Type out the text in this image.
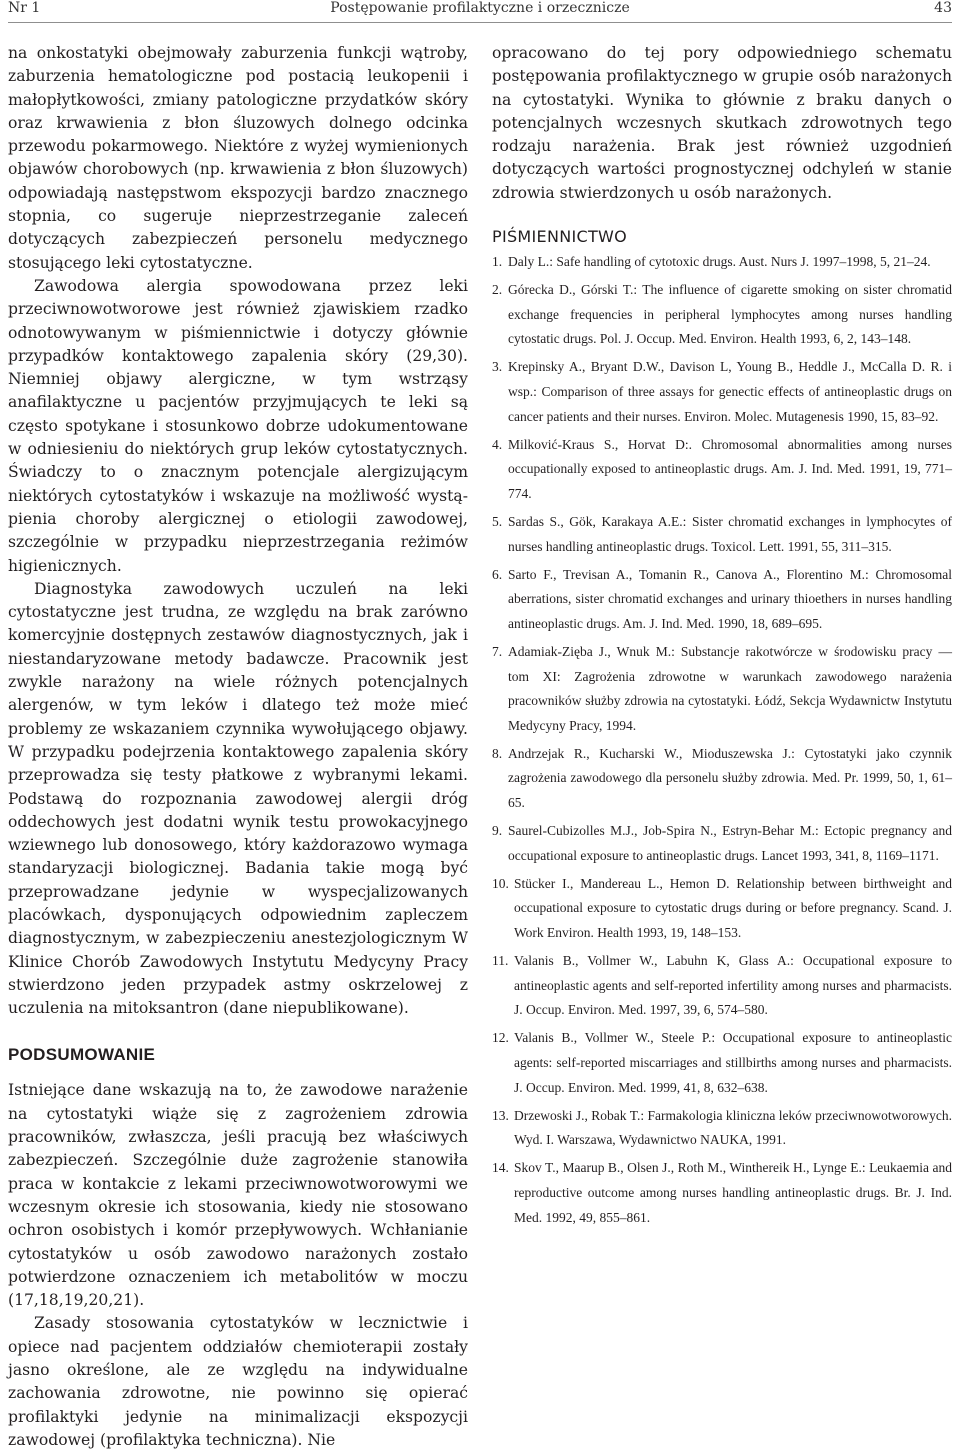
Nr 1	Postępowanie profilaktyczne i orzecznicze	43

na onkostatyki obejmowały zaburzenia funkcji wątroby, zaburzenia hematologiczne pod postacią leukopenii i małopłytkowości, zmiany patologiczne przydatków skóry oraz krwawienia z błon śluzowych dolnego odcinka przewodu pokarmowego. Niektóre z wyżej wymienionych objawów chorobowych (np. krwawienia z błon śluzowych) odpowiadają następstwom ekspozycji bardzo znacznego stopnia, co sugeruje nieprzestrzeganie zaleceń dotyczących zabezpieczeń personelu medycznego stosującego leki cytostatyczne.

Zawodowa alergia spowodowana przez leki przeciwnowotworowe jest również zjawiskiem rzadko odnotowywanym w piśmiennictwie i dotyczy głównie przypadków kontaktowego zapalenia skóry (29,30). Niemniej objawy alergiczne, w tym wstrząsy anafilaktyczne u pacjentów przyjmujących te leki są często spotykane i stosunkowo dobrze udokumentowane w odniesieniu do niektórych grup leków cytostatycznych. Świadczy to o znacznym potencjale alergizującym niektórych cytostatyków i wskazuje na możliwość wystąpienia choroby alergicznej o etiologii zawodowej, szczególnie w przypadku nieprzestrzegania reżimów higienicznych.

Diagnostyka zawodowych uczuleń na leki cytostatyczne jest trudna, ze względu na brak zarówno komercyjnie dostępnych zestawów diagnostycznych, jak i niestandaryzowane metody badawcze. Pracownik jest zwykle narażony na wiele różnych potencjalnych alergenów, w tym leków i dlatego też może mieć problemy ze wskazaniem czynnika wywołującego objawy. W przypadku podejrzenia kontaktowego zapalenia skóry przeprowadza się testy płatkowe z wybranymi lekami. Podstawą do rozpoznania zawodowej alergii dróg oddechowych jest dodatni wynik testu prowokacyjnego wziewnego lub donosowego, który każdorazowo wymaga standaryzacji biologicznej. Badania takie mogą być przeprowadzane jedynie w wyspecjalizowanych placówkach, dysponujących odpowiednim zapleczem diagnostycznym, w zabezpieczeniu anestezjologicznym W Klinice Chorób Zawodowych Instytutu Medycyny Pracy stwierdzono jeden przypadek astmy oskrzelowej z uczulenia na mitoksantron (dane niepublikowane).

PODSUMOWANIE

Istniejące dane wskazują na to, że zawodowe narażenie na cytostatyki wiąże się z zagrożeniem zdrowia pracowników, zwłaszcza, jeśli pracują bez właściwych zabezpieczeń. Szczególnie duże zagrożenie stanowiła praca w kontakcie z lekami przeciwnowotworowymi we wczesnym okresie ich stosowania, kiedy nie stosowano ochron osobistych i komór przepływowych. Wchłanianie cytostatyków u osób zawodowo narażonych zostało potwierdzone oznaczeniem ich metabolitów w moczu (17,18,19,20,21).

Zasady stosowania cytostatyków w lecznictwie i opiece nad pacjentem oddziałów chemioterapii zostały jasno określone, ale ze względu na indywidualne zachowania zdrowotne, nie powinno się opierać profilaktyki jedynie na minimalizacji ekspozycji zawodowej (profilaktyka techniczna). Nie

opracowano do tej pory odpowiedniego schematu postępowania profilaktycznego w grupie osób narażonych na cytostatyki. Wynika to głównie z braku danych o potencjalnych wczesnych skutkach zdrowotnych tego rodzaju narażenia. Brak jest również uzgodnień dotyczących wartości prognostycznej odchyleń w stanie zdrowia stwierdzonych u osób narażonych.

PIŚMIENNICTWO
1. Daly L.: Safe handling of cytotoxic drugs. Aust. Nurs J. 1997–1998, 5, 21–24.
2. Górecka D., Górski T.: The influence of cigarette smoking on sister chromatid exchange frequencies in peripheral lymphocytes among nurses handling cytostatic drugs. Pol. J. Occup. Med. Environ. Health 1993, 6, 2, 143–148.
3. Krepinsky A., Bryant D.W., Davison L, Young B., Heddle J., McCalla D. R. i wsp.: Comparison of three assays for genectic effects of antineoplastic drugs on cancer patients and their nurses. Environ. Molec. Mutagenesis 1990, 15, 83–92.
4. Milković-Kraus S., Horvat D:. Chromosomal abnormalities among nurses occupationally exposed to antineoplastic drugs. Am. J. Ind. Med. 1991, 19, 771–774.
5. Sardas S., Gök, Karakaya A.E.: Sister chromatid exchanges in lymphocytes of nurses handling antineoplastic drugs. Toxicol. Lett. 1991, 55, 311–315.
6. Sarto F., Trevisan A., Tomanin R., Canova A., Florentino M.: Chromosomal aberrations, sister chromatid exchanges and urinary thioethers in nurses handling antineoplastic drugs. Am. J. Ind. Med. 1990, 18, 689–695.
7. Adamiak-Zięba J., Wnuk M.: Substancje rakotwórcze w środowisku pracy — tom XI: Zagrożenia zdrowotne w warunkach zawodowego narażenia pracowników służby zdrowia na cytostatyki. Łódź, Sekcja Wydawnictw Instytutu Medycyny Pracy, 1994.
8. Andrzejak R., Kucharski W., Mioduszewska J.: Cytostatyki jako czynnik zagrożenia zawodowego dla personelu służby zdrowia. Med. Pr. 1999, 50, 1, 61–65.
9. Saurel-Cubizolles M.J., Job-Spira N., Estryn-Behar M.: Ectopic pregnancy and occupational exposure to antineoplastic drugs. Lancet 1993, 341, 8, 1169–1171.
10. Stücker I., Mandereau L., Hemon D. Relationship between birthweight and occupational exposure to cytostatic drugs during or before pregnancy. Scand. J. Work Environ. Health 1993, 19, 148–153.
11. Valanis B., Vollmer W., Labuhn K, Glass A.: Occupational exposure to antineoplastic agents and self-reported infertility among nurses and pharmacists. J. Occup. Environ. Med. 1997, 39, 6, 574–580.
12. Valanis B., Vollmer W., Steele P.: Occupational exposure to antineoplastic agents: self-reported miscarriages and stillbirths among nurses and pharmacists. J. Occup. Environ. Med. 1999, 41, 8, 632–638.
13. Drzewoski J., Robak T.: Farmakologia kliniczna leków przeciwnowotworowych. Wyd. I. Warszawa, Wydawnictwo NAUKA, 1991.
14. Skov T., Maarup B., Olsen J., Roth M., Winthereik H., Lynge E.: Leukaemia and reproductive outcome among nurses handling antineoplastic drugs. Br. J. Ind. Med. 1992, 49, 855–861.
